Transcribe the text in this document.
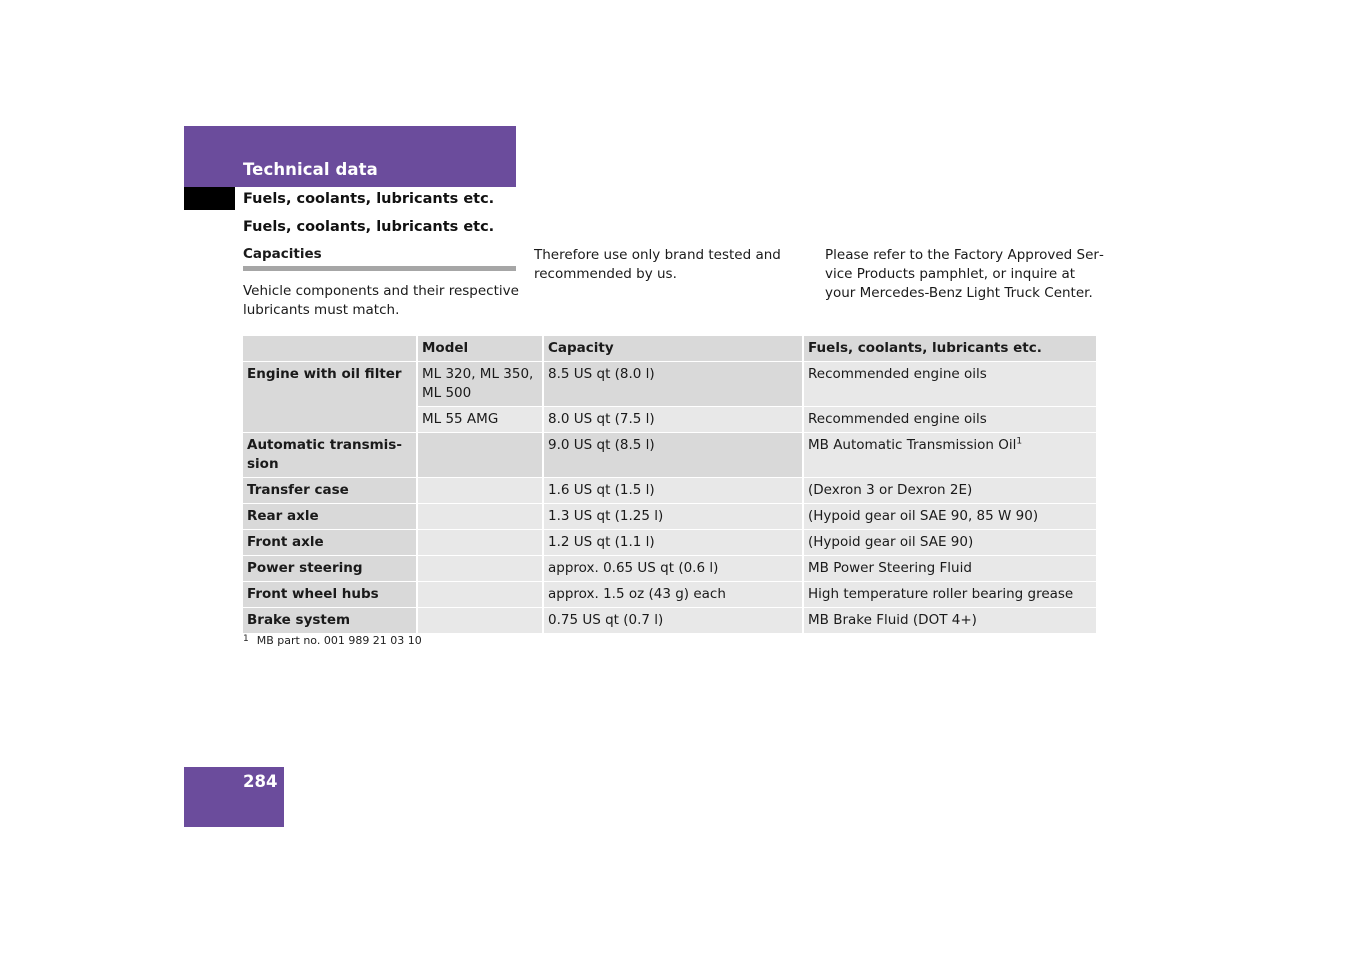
Technical data
Fuels, coolants, lubricants etc.
Fuels, coolants, lubricants etc.
Capacities

Vehicle components and their respective lubricants must match.

Therefore use only brand tested and recommended by us.

Please refer to the Factory Approved Service Products pamphlet, or inquire at your Mercedes-Benz Light Truck Center.

	Model	Capacity	Fuels, coolants, lubricants etc.
Engine with oil filter	ML 320, ML 350, ML 500	8.5 US qt (8.0 l)	Recommended engine oils
	ML 55 AMG	8.0 US qt (7.5 l)	Recommended engine oils
Automatic transmission		9.0 US qt (8.5 l)	MB Automatic Transmission Oil$^1$
Transfer case		1.6 US qt (1.5 l)	(Dexron 3 or Dexron 2E)
Rear axle		1.3 US qt (1.25 l)	(Hypoid gear oil SAE 90, 85 W 90)
Front axle		1.2 US qt (1.1 l)	(Hypoid gear oil SAE 90)
Power steering		approx. 0.65 US qt (0.6 l)	MB Power Steering Fluid
Front wheel hubs		approx. 1.5 oz (43 g) each	High temperature roller bearing grease
Brake system		0.75 US qt (0.7 l)	MB Brake Fluid (DOT 4+)
$^1$ MB part no. 001 989 21 03 10
284
